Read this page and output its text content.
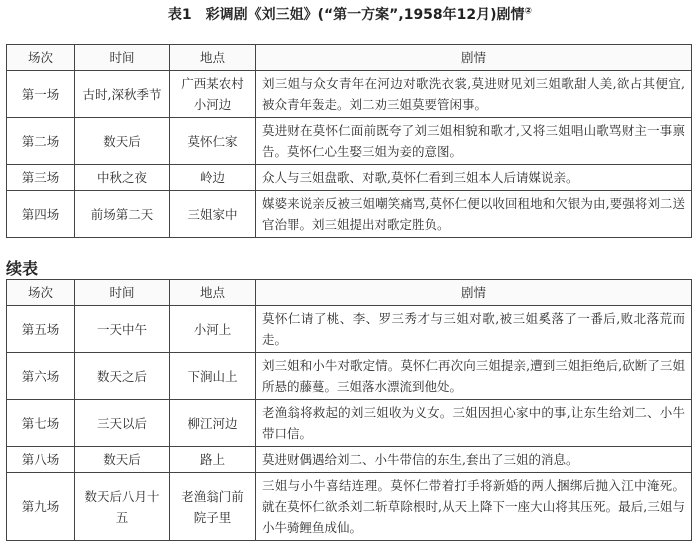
表1 彩调剧《刘三姐》(“第一方案”,1958年12月)剧情②
场次	时间	地点	剧情
第一场	古时,深秋季节	广西某农村小河边	刘三姐与众女青年在河边对歌洗衣裳,莫进财见刘三姐歌甜人美,欲占其便宜,被众青年轰走。刘二劝三姐莫要管闲事。
第二场	数天后	莫怀仁家	莫进财在莫怀仁面前既夸了刘三姐相貌和歌才,又将三姐唱山歌骂财主一事禀告。莫怀仁心生娶三姐为妾的意图。
第三场	中秋之夜	岭边	众人与三姐盘歌、对歌,莫怀仁看到三姐本人后请媒说亲。
第四场	前场第二天	三姐家中	媒婆来说亲反被三姐嘲笑痛骂,莫怀仁便以收回租地和欠银为由,要强将刘二送官治罪。刘三姐提出对歌定胜负。
续表
场次	时间	地点	剧情
第五场	一天中午	小河上	莫怀仁请了桃、李、罗三秀才与三姐对歌,被三姐奚落了一番后,败北落荒而走。
第六场	数天之后	下涧山上	刘三姐和小牛对歌定情。莫怀仁再次向三姐提亲,遭到三姐拒绝后,砍断了三姐所悬的藤蔓。三姐落水漂流到他处。
第七场	三天以后	柳江河边	老渔翁将救起的刘三姐收为义女。三姐因担心家中的事,让东生给刘二、小牛带口信。
第八场	数天后	路上	莫进财偶遇给刘二、小牛带信的东生,套出了三姐的消息。
第九场	数天后八月十五	老渔翁门前院子里	三姐与小牛喜结连理。莫怀仁带着打手将新婚的两人捆绑后抛入江中淹死。就在莫怀仁欲杀刘二斩草除根时,从天上降下一座大山将其压死。最后,三姐与小牛骑鲤鱼成仙。
